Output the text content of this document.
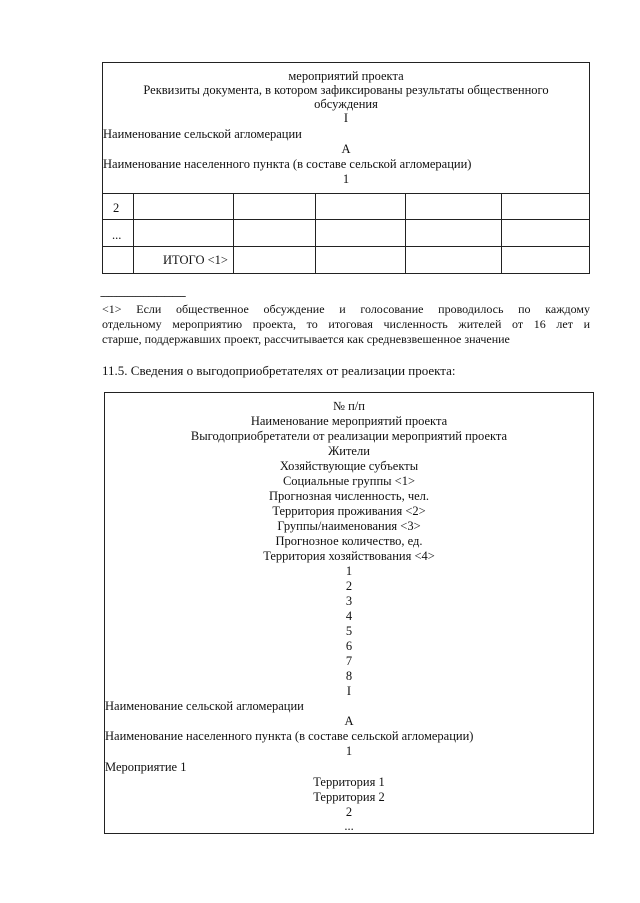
мероприятий проекта
Реквизиты документа, в котором зафиксированы результаты общественного
обсуждения
I
Наименование сельской агломерации
А
Наименование населенного пункта (в составе сельской агломерации)
1
2
...
ИТОГО <1>
--------------------------------
<1> Если общественное обсуждение и голосование проводилось по каждому
отдельному мероприятию проекта, то итоговая численность жителей от 16 лет и
старше, поддержавших проект, рассчитывается как средневзвешенное значение
11.5. Сведения о выгодоприобретателях от реализации проекта:
№ п/п
Наименование мероприятий проекта
Выгодоприобретатели от реализации мероприятий проекта
Жители
Хозяйствующие субъекты
Социальные группы <1>
Прогнозная численность, чел.
Территория проживания <2>
Группы/наименования <3>
Прогнозное количество, ед.
Территория хозяйствования <4>
1
2
3
4
5
6
7
8
I
Наименование сельской агломерации
А
Наименование населенного пункта (в составе сельской агломерации)
1
Мероприятие 1
Территория 1
Территория 2
2
...
